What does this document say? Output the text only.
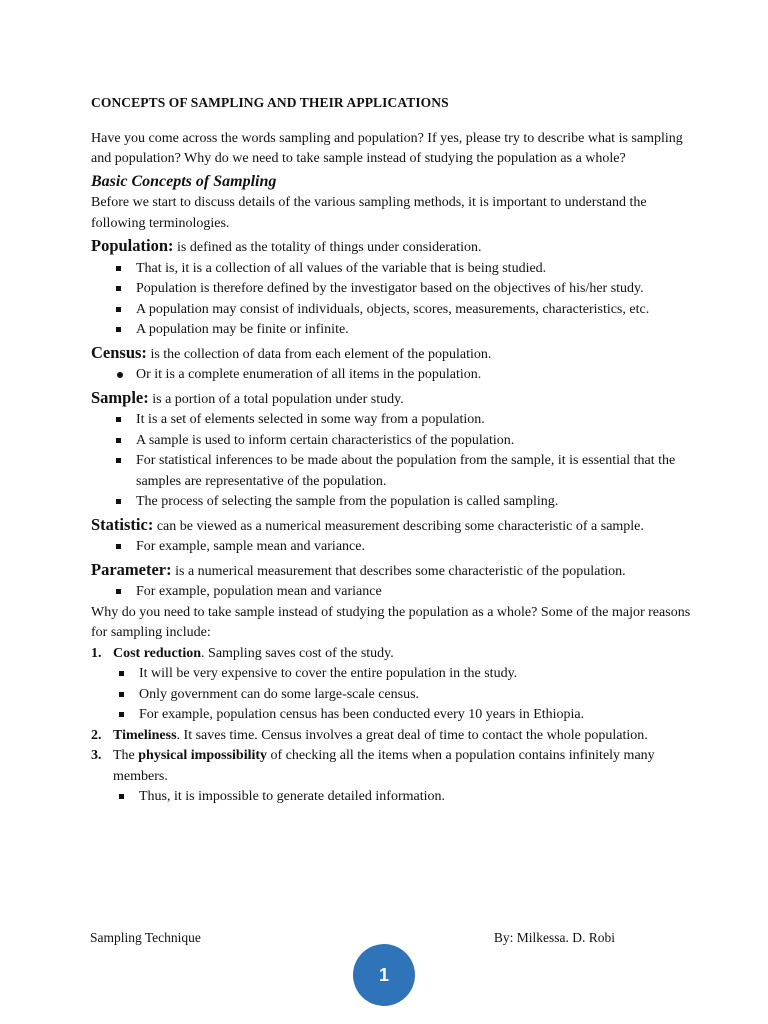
CONCEPTS OF SAMPLING AND THEIR APPLICATIONS

Have you come across the words sampling and population? If yes, please try to describe what is sampling and population? Why do we need to take sample instead of studying the population as a whole?

Basic Concepts of Sampling

Before we start to discuss details of the various sampling methods, it is important to understand the following terminologies.

Population: is defined as the totality of things under consideration.

That is, it is a collection of all values of the variable that is being studied.
Population is therefore defined by the investigator based on the objectives of his/her study.
A population may consist of individuals, objects, scores, measurements, characteristics, etc.
A population may be finite or infinite.

Census: is the collection of data from each element of the population.

Or it is a complete enumeration of all items in the population.

Sample: is a portion of a total population under study.

It is a set of elements selected in some way from a population.
A sample is used to inform certain characteristics of the population.
For statistical inferences to be made about the population from the sample, it is essential that the samples are representative of the population.
The process of selecting the sample from the population is called sampling.

Statistic: can be viewed as a numerical measurement describing some characteristic of a sample.

For example, sample mean and variance.

Parameter: is a numerical measurement that describes some characteristic of the population.

For example, population mean and variance

Why do you need to take sample instead of studying the population as a whole? Some of the major reasons for sampling include:

1. Cost reduction. Sampling saves cost of the study.
It will be very expensive to cover the entire population in the study.
Only government can do some large-scale census.
For example, population census has been conducted every 10 years in Ethiopia.
2. Timeliness. It saves time. Census involves a great deal of time to contact the whole population.
3. The physical impossibility of checking all the items when a population contains infinitely many members.
Thus, it is impossible to generate detailed information.
Sampling Technique	By: Milkessa. D. Robi
1
